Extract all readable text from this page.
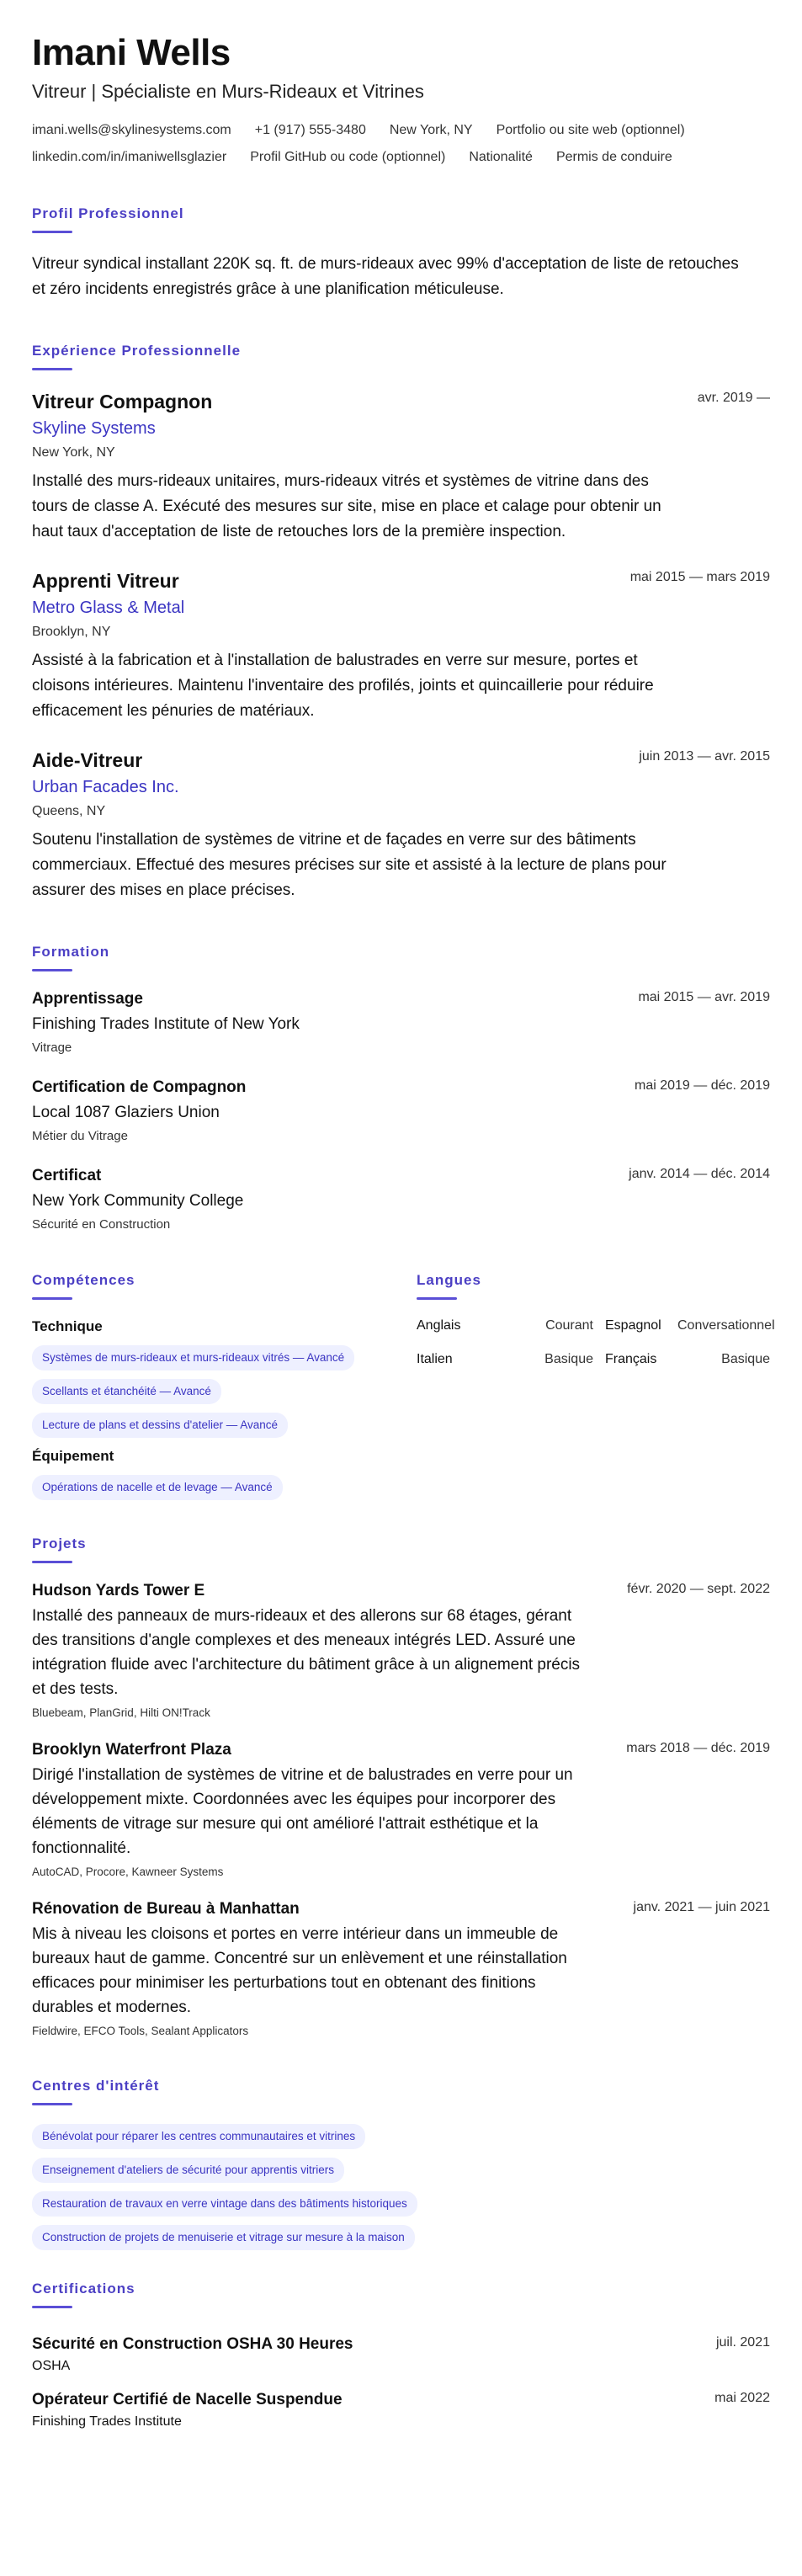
Imani Wells
Vitreur | Spécialiste en Murs-Rideaux et Vitrines
imani.wells@skylinesystems.com +1 (917) 555-3480 New York, NY Portfolio ou site web (optionnel)
linkedin.com/in/imaniwellsglazier Profil GitHub ou code (optionnel) Nationalité Permis de conduire
Profil Professionnel

Vitreur syndical installant 220K sq. ft. de murs-rideaux avec 99% d'acceptation de liste de retouches et zéro incidents enregistrés grâce à une planification méticuleuse.

Expérience Professionnelle
Vitreur Compagnon	avr. 2019 —
Skyline Systems
New York, NY

Installé des murs-rideaux unitaires, murs-rideaux vitrés et systèmes de vitrine dans des tours de classe A. Exécuté des mesures sur site, mise en place et calage pour obtenir un haut taux d'acceptation de liste de retouches lors de la première inspection.

Apprenti Vitreur	mai 2015 — mars 2019
Metro Glass & Metal
Brooklyn, NY

Assisté à la fabrication et à l'installation de balustrades en verre sur mesure, portes et cloisons intérieures. Maintenu l'inventaire des profilés, joints et quincaillerie pour réduire efficacement les pénuries de matériaux.

Aide-Vitreur	juin 2013 — avr. 2015
Urban Facades Inc.
Queens, NY

Soutenu l'installation de systèmes de vitrine et de façades en verre sur des bâtiments commerciaux. Effectué des mesures précises sur site et assisté à la lecture de plans pour assurer des mises en place précises.

Formation
Apprentissage	mai 2015 — avr. 2019
Finishing Trades Institute of New York
Vitrage
Certification de Compagnon	mai 2019 — déc. 2019
Local 1087 Glaziers Union
Métier du Vitrage
Certificat	janv. 2014 — déc. 2014
New York Community College
Sécurité en Construction
Compétences
Technique
Systèmes de murs-rideaux et murs-rideaux vitrés — Avancé
Scellants et étanchéité — Avancé
Lecture de plans et dessins d'atelier — Avancé
Équipement
Opérations de nacelle et de levage — Avancé
Langues
Anglais	Courant Espagnol	Conversationnel
Italien	Basique Français	Basique
Projets
Hudson Yards Tower E	févr. 2020 — sept. 2022

Installé des panneaux de murs-rideaux et des allerons sur 68 étages, gérant des transitions d'angle complexes et des meneaux intégrés LED. Assuré une intégration fluide avec l'architecture du bâtiment grâce à un alignement précis et des tests.

Bluebeam, PlanGrid, Hilti ON!Track
Brooklyn Waterfront Plaza	mars 2018 — déc. 2019

Dirigé l'installation de systèmes de vitrine et de balustrades en verre pour un développement mixte. Coordonnées avec les équipes pour incorporer des éléments de vitrage sur mesure qui ont amélioré l'attrait esthétique et la fonctionnalité.

AutoCAD, Procore, Kawneer Systems
Rénovation de Bureau à Manhattan	janv. 2021 — juin 2021

Mis à niveau les cloisons et portes en verre intérieur dans un immeuble de bureaux haut de gamme. Concentré sur un enlèvement et une réinstallation efficaces pour minimiser les perturbations tout en obtenant des finitions durables et modernes.

Fieldwire, EFCO Tools, Sealant Applicators
Centres d'intérêt
Bénévolat pour réparer les centres communautaires et vitrines
Enseignement d'ateliers de sécurité pour apprentis vitriers
Restauration de travaux en verre vintage dans des bâtiments historiques
Construction de projets de menuiserie et vitrage sur mesure à la maison
Certifications
Sécurité en Construction OSHA 30 Heures	juil. 2021
OSHA
Opérateur Certifié de Nacelle Suspendue	mai 2022
Finishing Trades Institute
